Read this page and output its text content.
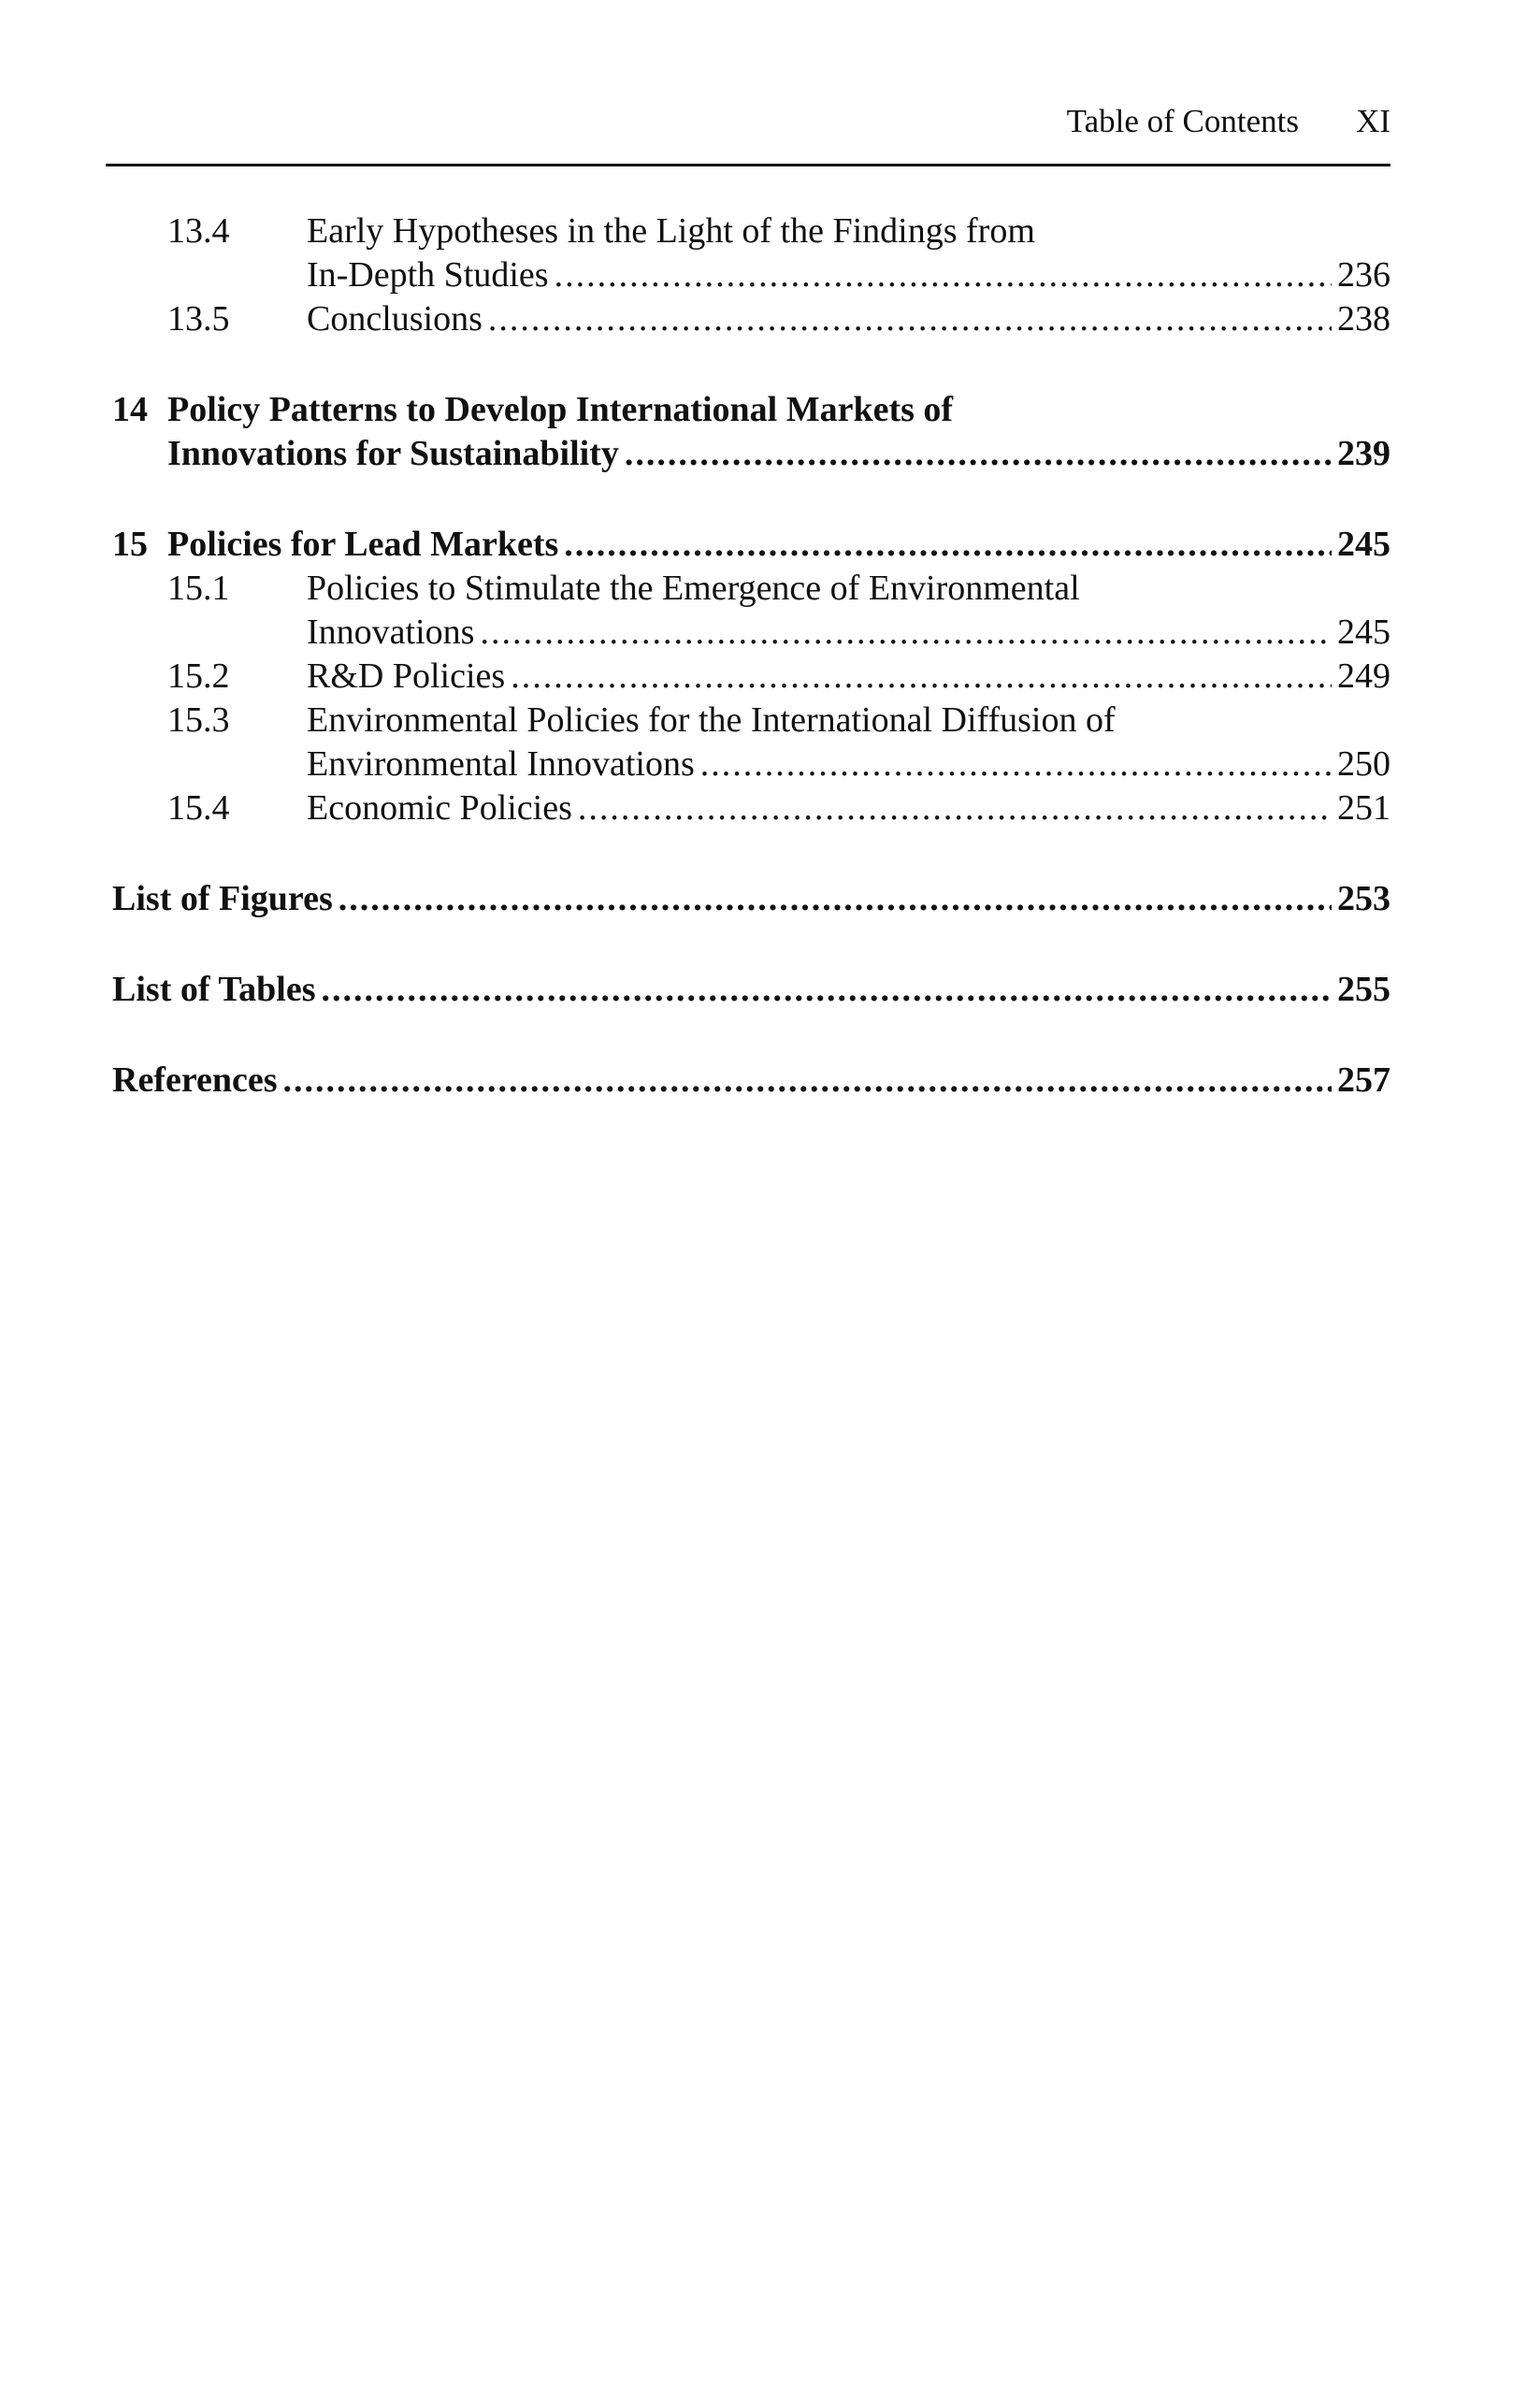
Table of Contents XI
13.4	Early Hypotheses in the Light of the Findings from
In-Depth Studies .....	236
13.5	Conclusions .....	238
14 Policy Patterns to Develop International Markets of
Innovations for Sustainability .....	239
15 Policies for Lead Markets .....	245
15.1	Policies to Stimulate the Emergence of Environmental
Innovations .....	245
15.2	R&D Policies .....	249
15.3	Environmental Policies for the International Diffusion of
Environmental Innovations .....	250
15.4	Economic Policies .....	251
List of Figures .....	253
List of Tables .....	255
References .....	257
